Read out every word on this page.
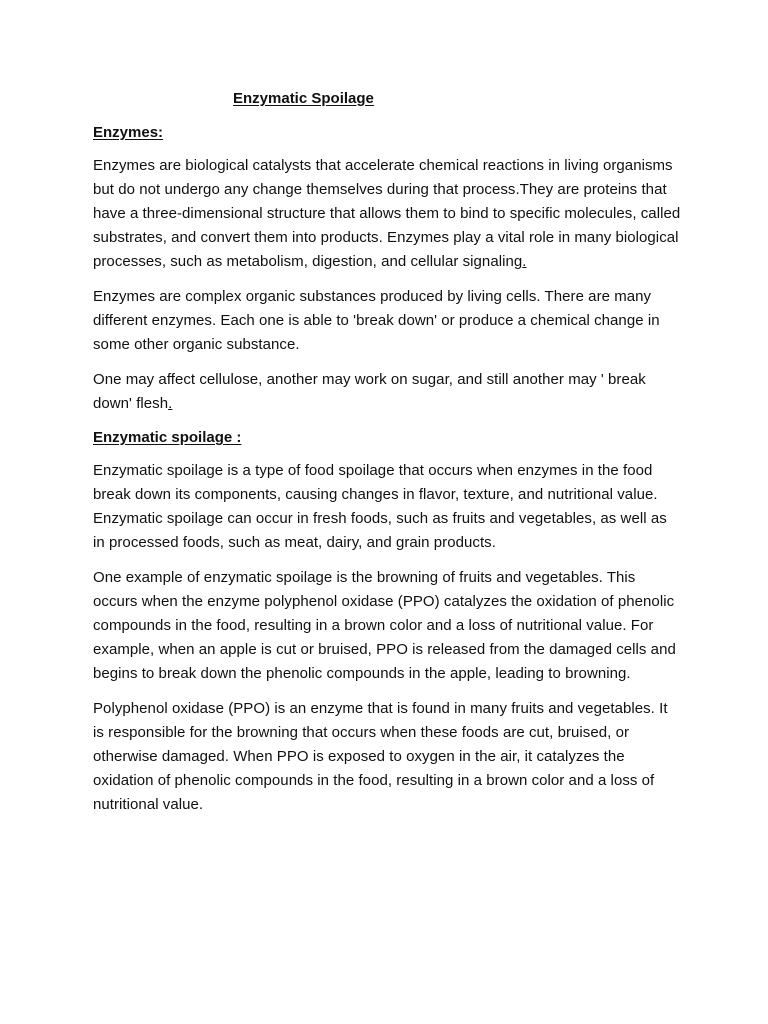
Enzymatic Spoilage
Enzymes:

Enzymes are biological catalysts that accelerate chemical reactions in living organisms but do not undergo any change themselves during that process.They are proteins that have a three-dimensional structure that allows them to bind to specific molecules, called substrates, and convert them into products. Enzymes play a vital role in many biological processes, such as metabolism, digestion, and cellular signaling.

Enzymes are complex organic substances produced by living cells. There are many different enzymes. Each one is able to 'break down' or produce a chemical change in some other organic substance.

One may affect cellulose, another may work on sugar, and still another may ' break down' flesh.

Enzymatic spoilage :

Enzymatic spoilage is a type of food spoilage that occurs when enzymes in the food break down its components, causing changes in flavor, texture, and nutritional value. Enzymatic spoilage can occur in fresh foods, such as fruits and vegetables, as well as in processed foods, such as meat, dairy, and grain products.

One example of enzymatic spoilage is the browning of fruits and vegetables. This occurs when the enzyme polyphenol oxidase (PPO) catalyzes the oxidation of phenolic compounds in the food, resulting in a brown color and a loss of nutritional value. For example, when an apple is cut or bruised, PPO is released from the damaged cells and begins to break down the phenolic compounds in the apple, leading to browning.

Polyphenol oxidase (PPO) is an enzyme that is found in many fruits and vegetables. It is responsible for the browning that occurs when these foods are cut, bruised, or otherwise damaged. When PPO is exposed to oxygen in the air, it catalyzes the oxidation of phenolic compounds in the food, resulting in a brown color and a loss of nutritional value.
